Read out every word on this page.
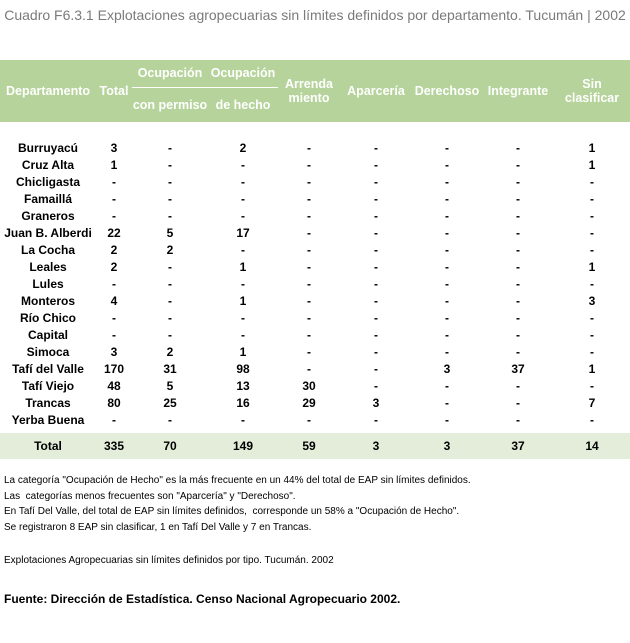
Cuadro F6.3.1 Explotaciones agropecuarias sin límites definidos por departamento. Tucumán | 2002
Departamento	Total	Ocupación	Ocupación	Arrenda miento	Aparcería	Derechoso	Integrante	Sin clasificar
		con permiso	de hecho					

Burruyacú	3	-	2	-	-	-	-	1
Cruz Alta	1	-	-	-	-	-	-	1
Chicligasta	-	-	-	-	-	-	-	-
Famaillá	-	-	-	-	-	-	-	-
Graneros	-	-	-	-	-	-	-	-
Juan B. Alberdi	22	5	17	-	-	-	-	-
La Cocha	2	2	-	-	-	-	-	-
Leales	2	-	1	-	-	-	-	1
Lules	-	-	-	-	-	-	-	-
Monteros	4	-	1	-	-	-	-	3
Río Chico	-	-	-	-	-	-	-	-
Capital	-	-	-	-	-	-	-	-
Simoca	3	2	1	-	-	-	-	-
Tafí del Valle	170	31	98	-	-	3	37	1
Tafí Viejo	48	5	13	30	-	-	-	-
Trancas	80	25	16	29	3	-	-	7
Yerba Buena	-	-	-	-	-	-	-	-

Total	335	70	149	59	3	3	37	14

La categoría "Ocupación de Hecho" es la más frecuente en un 44% del total de EAP sin límites definidos.

Las  categorías menos frecuentes son "Aparcería" y "Derechoso".

En Tafí Del Valle, del total de EAP sin límites definidos,  corresponde un 58% a "Ocupación de Hecho".

Se registraron 8 EAP sin clasificar, 1 en Tafí Del Valle y 7 en Trancas.

Explotaciones Agropecuarias sin límites definidos por tipo. Tucumán. 2002

Fuente: Dirección de Estadística. Censo Nacional Agropecuario 2002.
